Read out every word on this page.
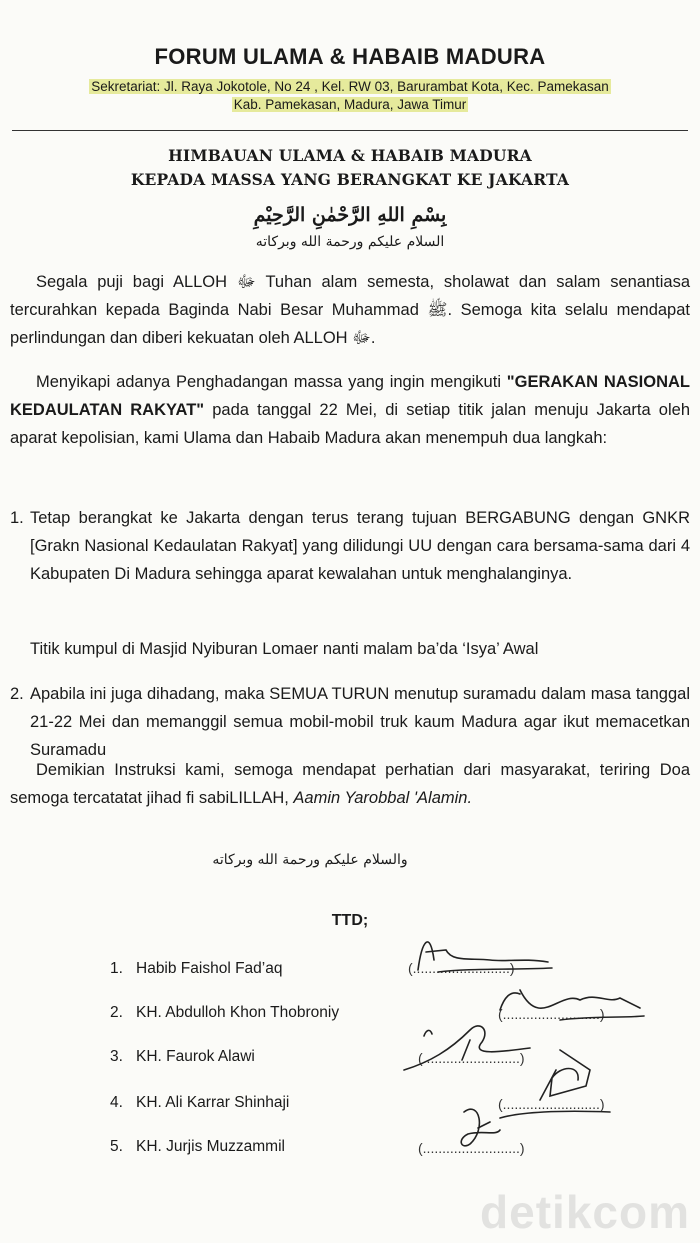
FORUM ULAMA & HABAIB MADURA
Sekretariat: Jl. Raya Jokotole, No 24 , Kel. RW 03, Barurambat Kota, Kec. Pamekasan
Kab. Pamekasan, Madura, Jawa Timur
HIMBAUAN ULAMA & HABAIB MADURA
KEPADA MASSA YANG BERANGKAT KE JAKARTA
بِسْمِ اللهِ الرَّحْمٰنِ الرَّحِيْمِ
السلام عليكم ورحمة الله وبركاته
Segala puji bagi ALLOH ﷻ Tuhan alam semesta, sholawat dan salam senantiasa tercurahkan kepada Baginda Nabi Besar Muhammad ﷺ. Semoga kita selalu mendapat perlindungan dan diberi kekuatan oleh ALLOH ﷻ.
Menyikapi adanya Penghadangan massa yang ingin mengikuti "GERAKAN NASIONAL KEDAULATAN RAKYAT" pada tanggal 22 Mei, di setiap titik jalan menuju Jakarta oleh aparat kepolisian, kami Ulama dan Habaib Madura akan menempuh dua langkah:
1. Tetap berangkat ke Jakarta dengan terus terang tujuan BERGABUNG dengan GNKR [Grakn Nasional Kedaulatan Rakyat] yang dilidungi UU dengan cara bersama-sama dari 4 Kabupaten Di Madura sehingga aparat kewalahan untuk menghalanginya.
Titik kumpul di Masjid Nyiburan Lomaer nanti malam ba’da ‘Isya’ Awal
2. Apabila ini juga dihadang, maka SEMUA TURUN menutup suramadu dalam masa tanggal 21-22 Mei dan memanggil semua mobil-mobil truk kaum Madura agar ikut memacetkan Suramadu
Demikian Instruksi kami, semoga mendapat perhatian dari masyarakat, teriring Doa semoga tercatatat jihad fi sabiLILLAH, Aamin Yarobbal 'Alamin.
والسلام عليكم ورحمة الله وبركاته
TTD;
1. Habib Faishol Fad’aq
2. KH. Abdulloh Khon Thobroniy
3. KH. Faurok Alawi
4. KH. Ali Karrar Shinhaji
5. KH. Jurjis Muzzammil
(.........................)
(.........................)
(.........................)
(.........................)
(.........................)
detikcom
